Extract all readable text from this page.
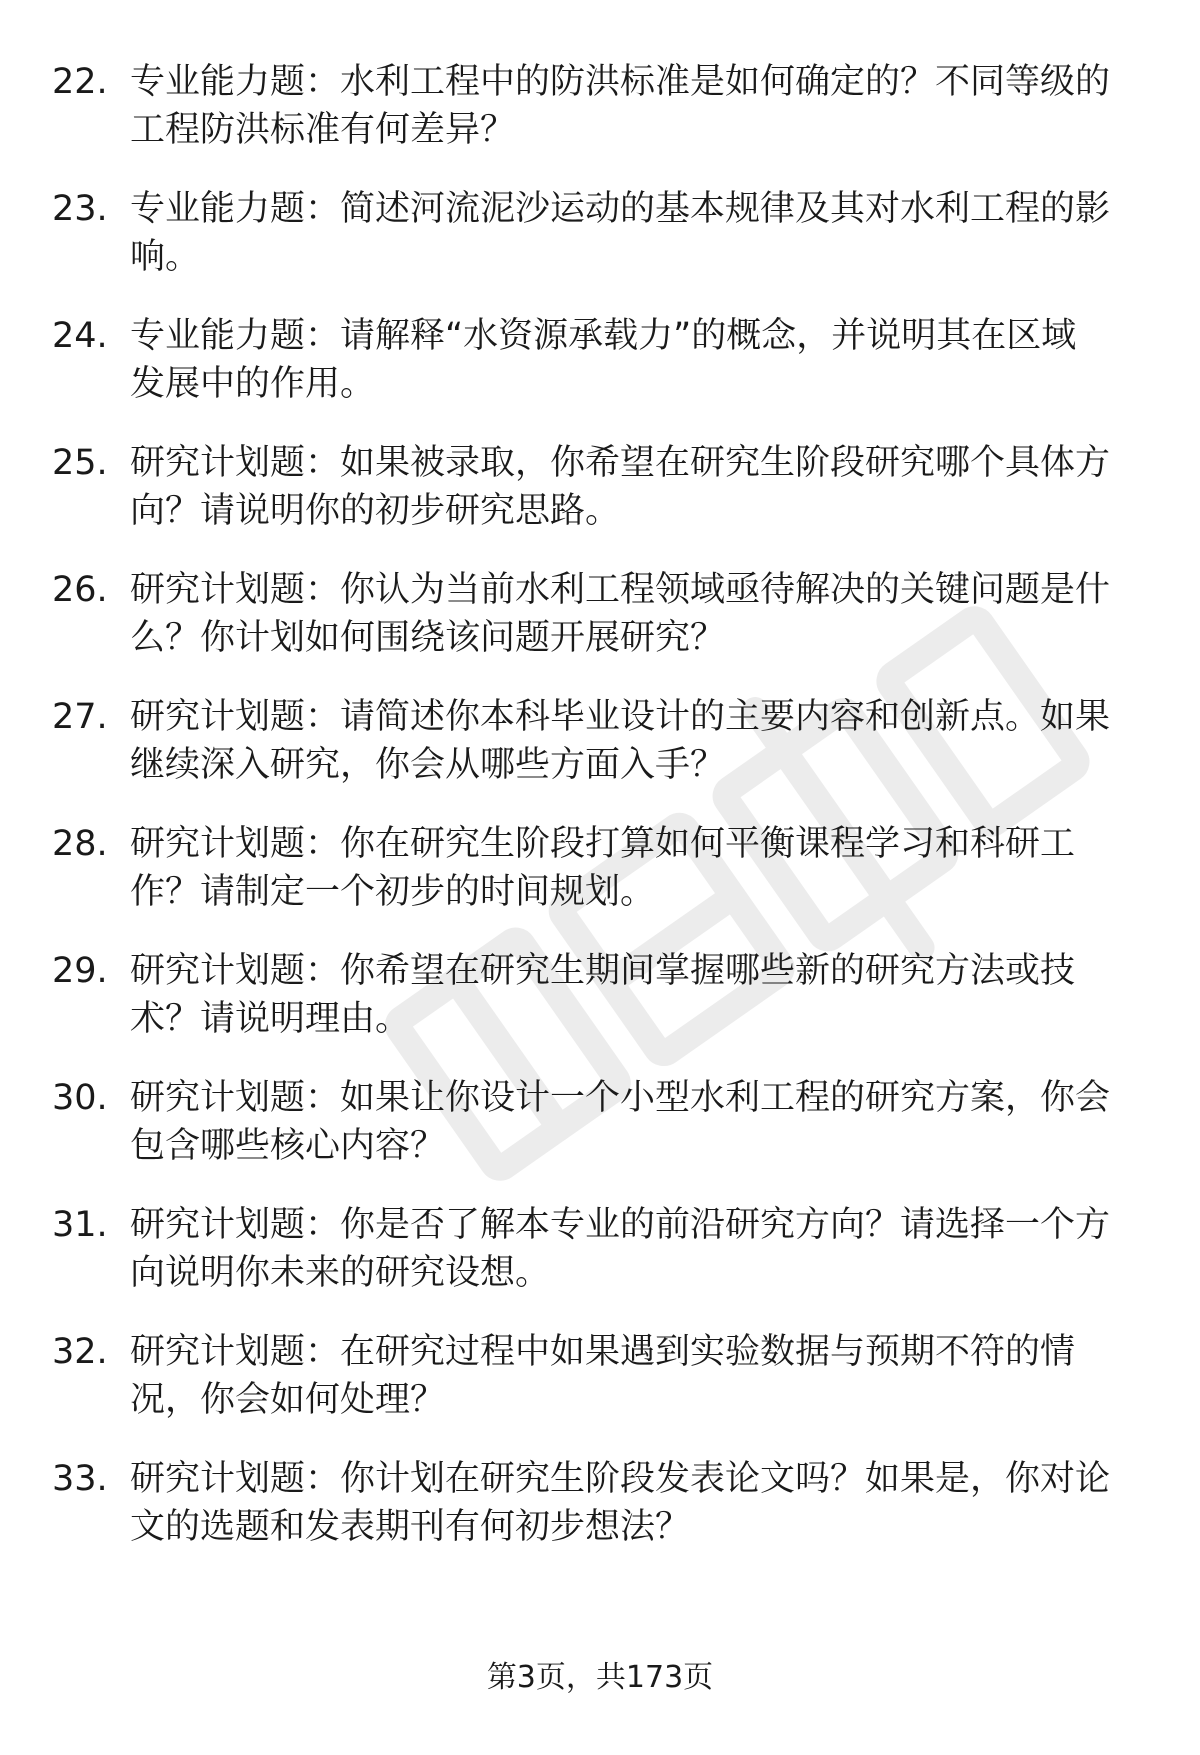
22. 专业能力题：水利工程中的防洪标准是如何确定的？不同等级的
工程防洪标准有何差异？
23. 专业能力题：简述河流泥沙运动的基本规律及其对水利工程的影
响。
24. 专业能力题：请解释“水资源承载力”的概念，并说明其在区域
发展中的作用。
25. 研究计划题：如果被录取，你希望在研究生阶段研究哪个具体方
向？请说明你的初步研究思路。
26. 研究计划题：你认为当前水利工程领域亟待解决的关键问题是什
么？你计划如何围绕该问题开展研究？
27. 研究计划题：请简述你本科毕业设计的主要内容和创新点。如果
继续深入研究，你会从哪些方面入手？
28. 研究计划题：你在研究生阶段打算如何平衡课程学习和科研工
作？请制定一个初步的时间规划。
29. 研究计划题：你希望在研究生期间掌握哪些新的研究方法或技
术？请说明理由。
30. 研究计划题：如果让你设计一个小型水利工程的研究方案，你会
包含哪些核心内容？
31. 研究计划题：你是否了解本专业的前沿研究方向？请选择一个方
向说明你未来的研究设想。
32. 研究计划题：在研究过程中如果遇到实验数据与预期不符的情
况，你会如何处理？
33. 研究计划题：你计划在研究生阶段发表论文吗？如果是，你对论
文的选题和发表期刊有何初步想法？
第3页，共173页
